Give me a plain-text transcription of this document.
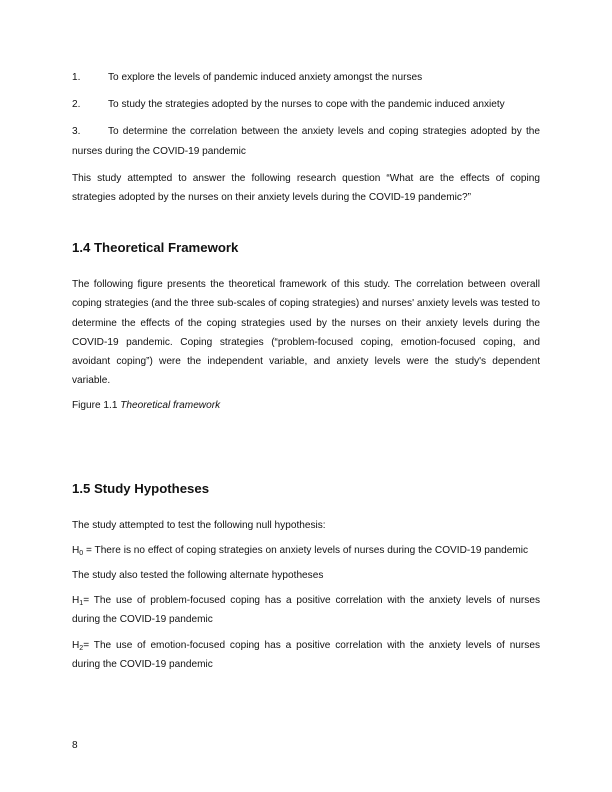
1.	To explore the levels of pandemic induced anxiety amongst the nurses

2.	To study the strategies adopted by the nurses to cope with the pandemic induced anxiety

3.	To determine the correlation between the anxiety levels and coping strategies adopted by the nurses during the COVID-19 pandemic

This study attempted to answer the following research question “What are the effects of coping strategies adopted by the nurses on their anxiety levels during the COVID-19 pandemic?”

1.4 Theoretical Framework

The following figure presents the theoretical framework of this study. The correlation between overall coping strategies (and the three sub-scales of coping strategies) and nurses' anxiety levels was tested to determine the effects of the coping strategies used by the nurses on their anxiety levels during the COVID-19 pandemic. Coping strategies (“problem-focused coping, emotion-focused coping, and avoidant coping”) were the independent variable, and anxiety levels were the study's dependent variable.

Figure 1.1 Theoretical framework

1.5 Study Hypotheses

The study attempted to test the following null hypothesis:

$H_0$ = There is no effect of coping strategies on anxiety levels of nurses during the COVID-19 pandemic

The study also tested the following alternate hypotheses

$H_1=$ The use of problem-focused coping has a positive correlation with the anxiety levels of nurses during the COVID-19 pandemic

$H_2=$ The use of emotion-focused coping has a positive correlation with the anxiety levels of nurses during the COVID-19 pandemic

8
